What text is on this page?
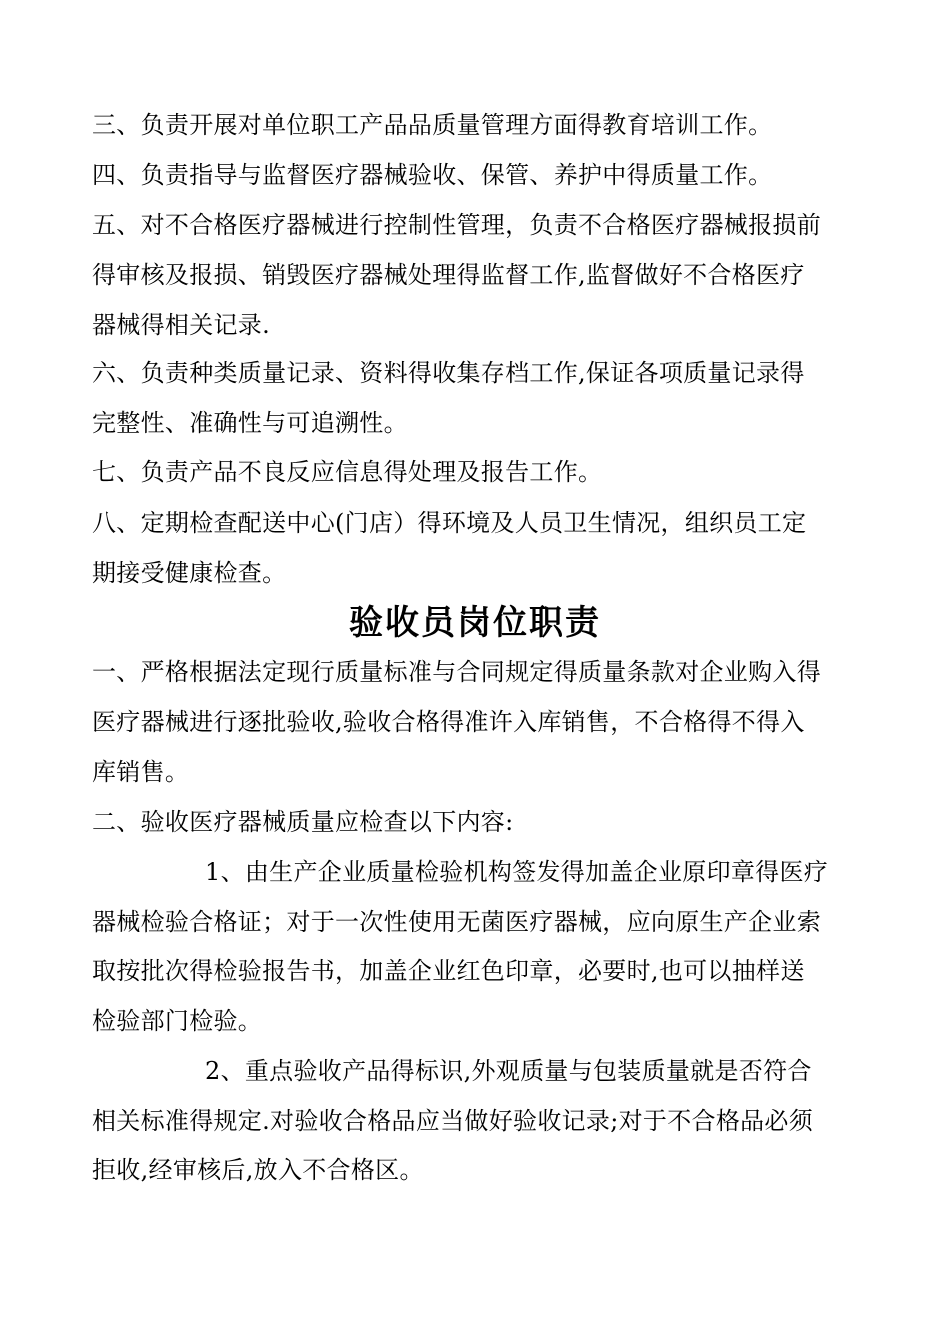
三、负责开展对单位职工产品品质量管理方面得教育培训工作。
四、负责指导与监督医疗器械验收、保管、养护中得质量工作。
五、对不合格医疗器械进行控制性管理，负责不合格医疗器械报损前
得审核及报损、销毁医疗器械处理得监督工作,监督做好不合格医疗
器械得相关记录.
六、负责种类质量记录、资料得收集存档工作,保证各项质量记录得
完整性、准确性与可追溯性。
七、负责产品不良反应信息得处理及报告工作。
八、定期检查配送中心(门店）得环境及人员卫生情况，组织员工定
期接受健康检查。
验收员岗位职责
一、严格根据法定现行质量标准与合同规定得质量条款对企业购入得
医疗器械进行逐批验收,验收合格得准许入库销售，不合格得不得入
库销售。
二、验收医疗器械质量应检查以下内容:
1、由生产企业质量检验机构签发得加盖企业原印章得医疗
器械检验合格证；对于一次性使用无菌医疗器械，应向原生产企业索
取按批次得检验报告书，加盖企业红色印章，必要时,也可以抽样送
检验部门检验。
2、重点验收产品得标识,外观质量与包装质量就是否符合
相关标准得规定.对验收合格品应当做好验收记录;对于不合格品必须
拒收,经审核后,放入不合格区。
